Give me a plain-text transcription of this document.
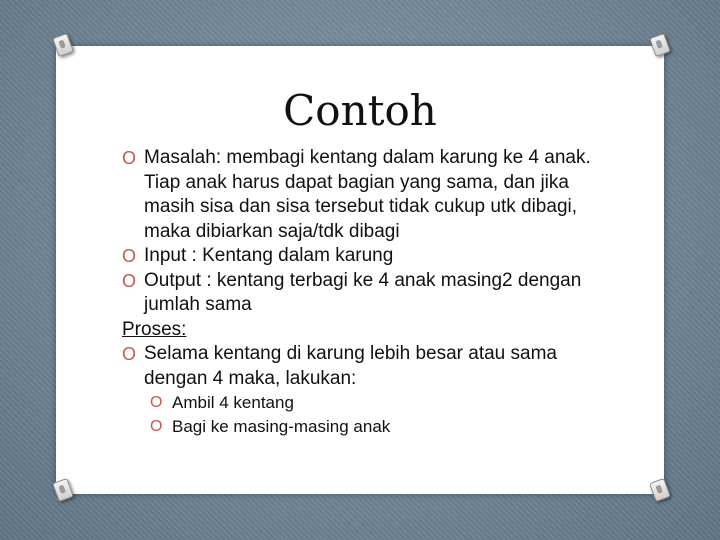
Contoh

O Masalah: membagi kentang dalam karung ke 4 anak. Tiap anak harus dapat bagian yang sama, dan jika masih sisa dan sisa tersebut tidak cukup utk dibagi, maka dibiarkan saja/tdk dibagi

O Input : Kentang dalam karung

O Output : kentang terbagi ke 4 anak masing2 dengan jumlah sama

Proses:

O Selama kentang di karung lebih besar atau sama dengan 4 maka, lakukan:

O Ambil 4 kentang

O Bagi ke masing-masing anak
